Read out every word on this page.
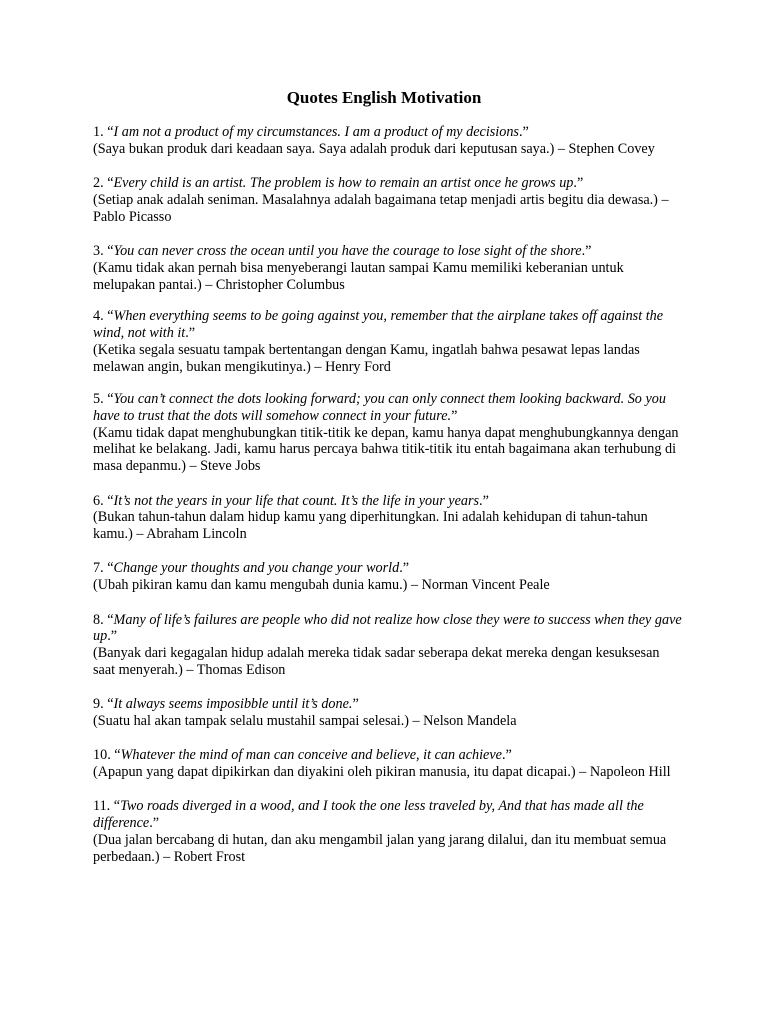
Quotes English Motivation
1. “I am not a product of my circumstances. I am a product of my decisions.”
(Saya bukan produk dari keadaan saya. Saya adalah produk dari keputusan saya.) – Stephen Covey
2. “Every child is an artist. The problem is how to remain an artist once he grows up.”
(Setiap anak adalah seniman. Masalahnya adalah bagaimana tetap menjadi artis begitu dia dewasa.) – Pablo Picasso
3. “You can never cross the ocean until you have the courage to lose sight of the shore.”
(Kamu tidak akan pernah bisa menyeberangi lautan sampai Kamu memiliki keberanian untuk melupakan pantai.) – Christopher Columbus
4. “When everything seems to be going against you, remember that the airplane takes off against the wind, not with it.”
(Ketika segala sesuatu tampak bertentangan dengan Kamu, ingatlah bahwa pesawat lepas landas melawan angin, bukan mengikutinya.) – Henry Ford
5. “You can’t connect the dots looking forward; you can only connect them looking backward. So you have to trust that the dots will somehow connect in your future.”
(Kamu tidak dapat menghubungkan titik-titik ke depan, kamu hanya dapat menghubungkannya dengan melihat ke belakang. Jadi, kamu harus percaya bahwa titik-titik itu entah bagaimana akan terhubung di masa depanmu.) – Steve Jobs
6. “It’s not the years in your life that count. It’s the life in your years.”
(Bukan tahun-tahun dalam hidup kamu yang diperhitungkan. Ini adalah kehidupan di tahun-tahun kamu.) – Abraham Lincoln
7. “Change your thoughts and you change your world.”
(Ubah pikiran kamu dan kamu mengubah dunia kamu.) – Norman Vincent Peale
8. “Many of life’s failures are people who did not realize how close they were to success when they gave up.”
(Banyak dari kegagalan hidup adalah mereka tidak sadar seberapa dekat mereka dengan kesuksesan saat menyerah.) – Thomas Edison
9. “It always seems imposibble until it’s done.”
(Suatu hal akan tampak selalu mustahil sampai selesai.) – Nelson Mandela
10. “Whatever the mind of man can conceive and believe, it can achieve.”
(Apapun yang dapat dipikirkan dan diyakini oleh pikiran manusia, itu dapat dicapai.) – Napoleon Hill
11. “Two roads diverged in a wood, and I took the one less traveled by, And that has made all the difference.”
(Dua jalan bercabang di hutan, dan aku mengambil jalan yang jarang dilalui, dan itu membuat semua perbedaan.) – Robert Frost
